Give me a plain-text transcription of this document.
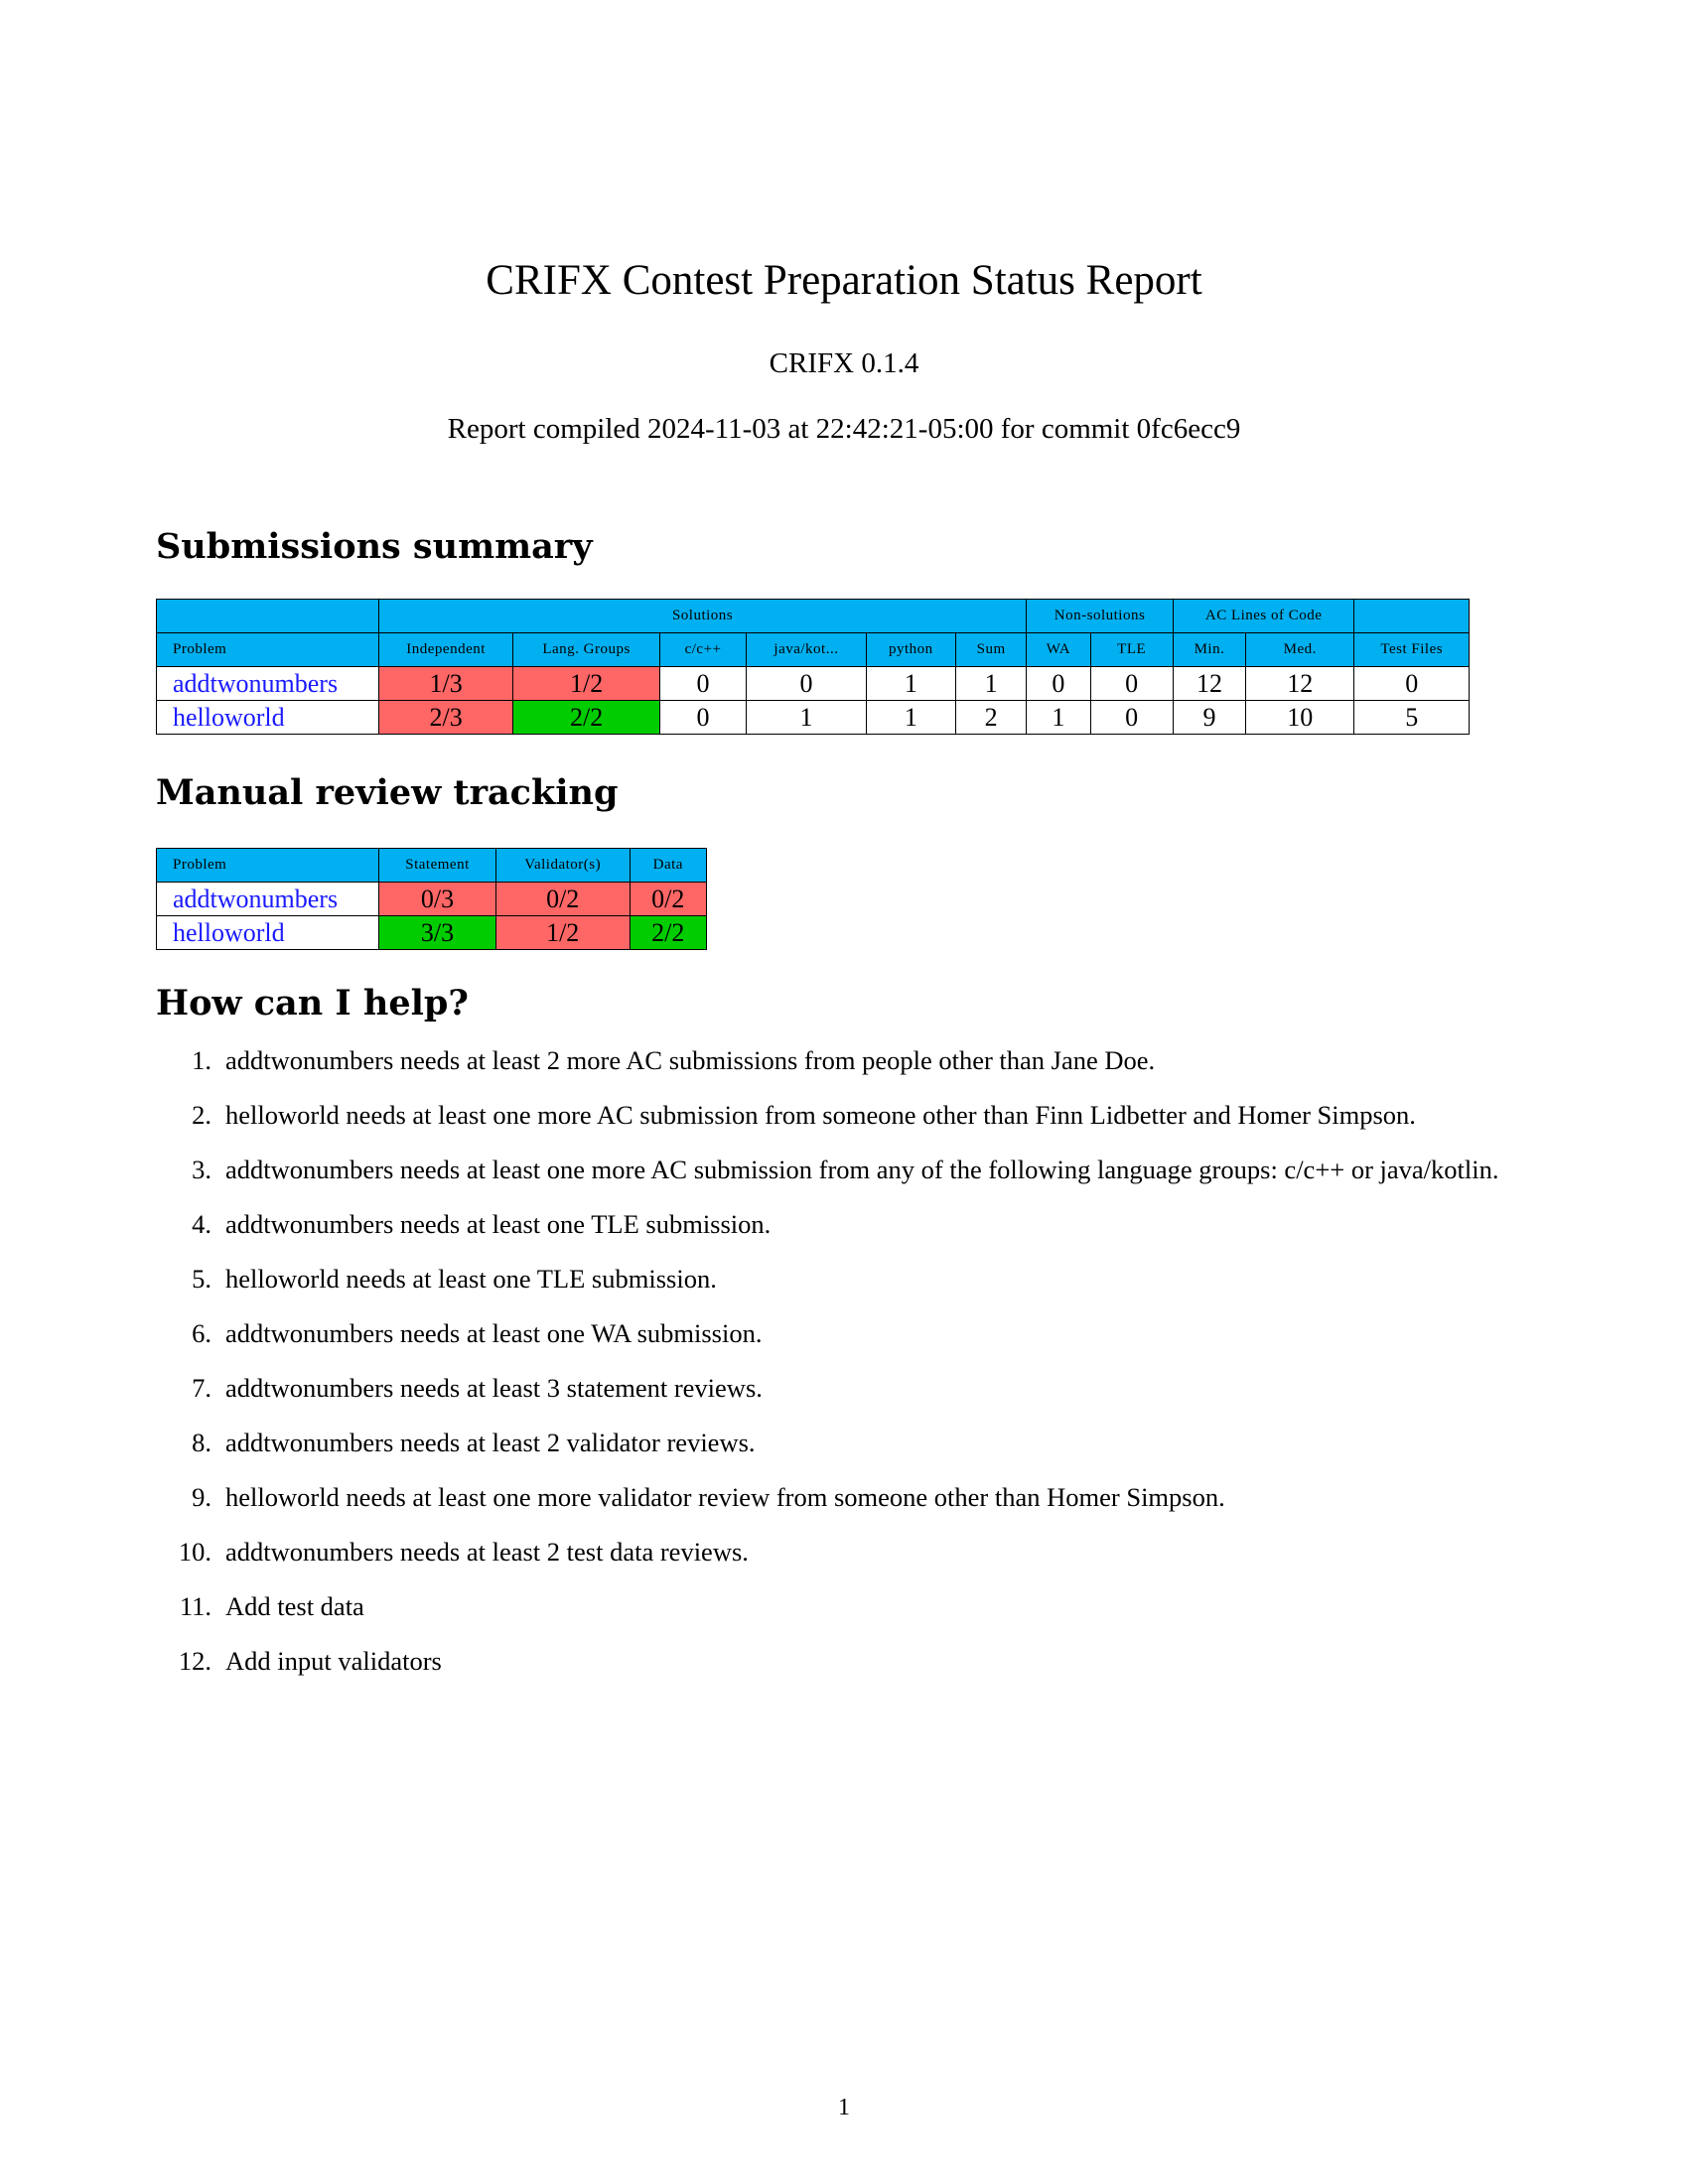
CRIFX Contest Preparation Status Report
CRIFX 0.1.4
Report compiled 2024-11-03 at 22:42:21-05:00 for commit 0fc6ecc9
Submissions summary
	Solutions						Non-solutions		AC Lines of Code		
Problem	Independent	Lang. Groups	c/c++	java/kot...	python	Sum	WA	TLE	Min.	Med.	Test Files
addtwonumbers	1/3	1/2	0	0	1	1	0	0	12	12	0
helloworld	2/3	2/2	0	1	1	2	1	0	9	10	5
Manual review tracking
Problem	Statement	Validator(s)	Data
addtwonumbers	0/3	0/2	0/2
helloworld	3/3	1/2	2/2
How can I help?
1. addtwonumbers needs at least 2 more AC submissions from people other than Jane Doe.
2. helloworld needs at least one more AC submission from someone other than Finn Lidbetter and Homer Simpson.
3. addtwonumbers needs at least one more AC submission from any of the following language groups: c/c++ or java/kotlin.
4. addtwonumbers needs at least one TLE submission.
5. helloworld needs at least one TLE submission.
6. addtwonumbers needs at least one WA submission.
7. addtwonumbers needs at least 3 statement reviews.
8. addtwonumbers needs at least 2 validator reviews.
9. helloworld needs at least one more validator review from someone other than Homer Simpson.
10. addtwonumbers needs at least 2 test data reviews.
11. Add test data
12. Add input validators
1
